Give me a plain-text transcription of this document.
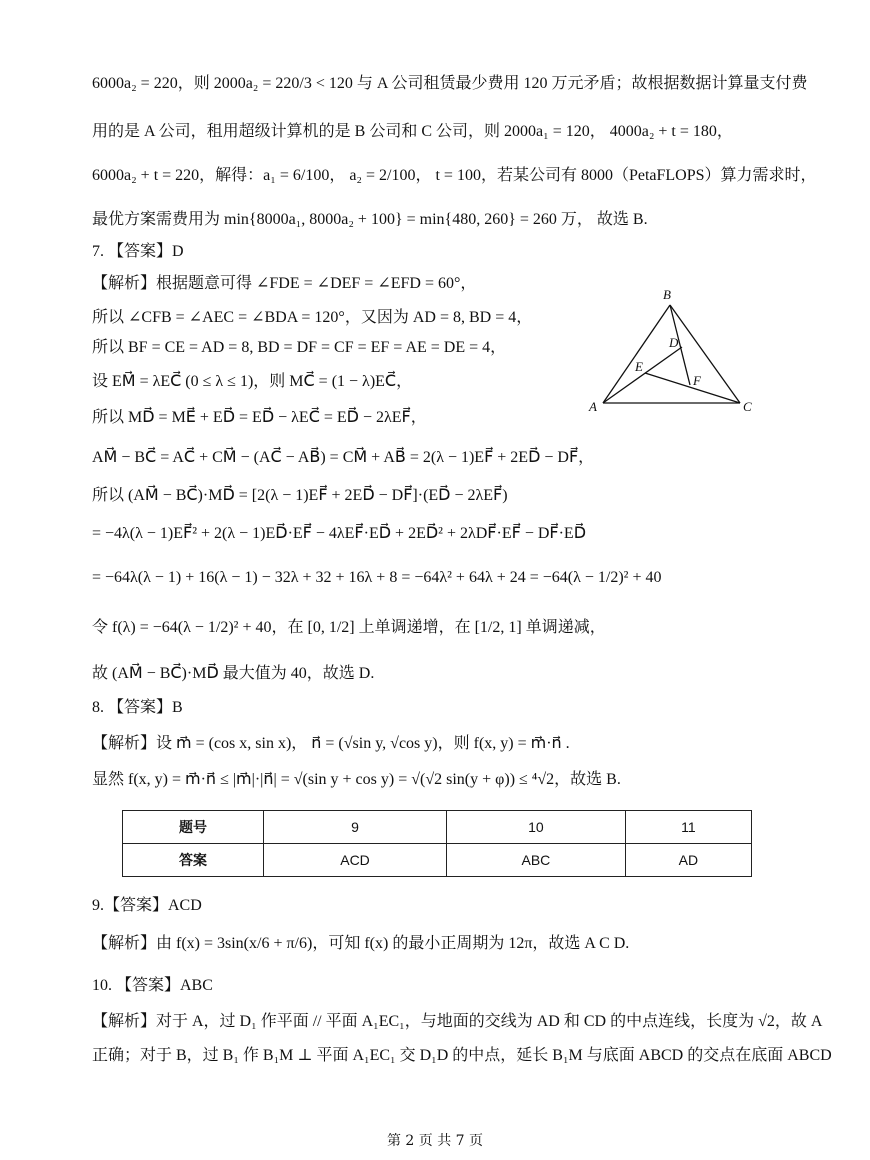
6000a₂ = 220，则 2000a₂ = 220/3 < 120 与 A 公司租赁最少费用 120 万元矛盾；故根据数据计算量支付费
用的是 A 公司，租用超级计算机的是 B 公司和 C 公司，则 2000a₁ = 120， 4000a₂ + t = 180，
6000a₂ + t = 220，解得：a₁ = 6/100， a₂ = 2/100， t = 100，若某公司有 8000（PetaFLOPS）算力需求时，
最优方案需费用为 min{8000a₁, 8000a₂ + 100} = min{480, 260} = 260 万， 故选 B.
7. 【答案】D
【解析】根据题意可得 ∠FDE = ∠DEF = ∠EFD = 60°，
所以 ∠CFB = ∠AEC = ∠BDA = 120°，又因为 AD = 8, BD = 4，
所以 BF = CE = AD = 8, BD = DF = CF = EF = AE = DE = 4，
设 EM⃗ = λEC⃗ (0 ≤ λ ≤ 1)，则 MC⃗ = (1 − λ)EC⃗，
所以 MD⃗ = ME⃗ + ED⃗ = ED⃗ − λEC⃗ = ED⃗ − 2λEF⃗，
AM⃗ − BC⃗ = AC⃗ + CM⃗ − (AC⃗ − AB⃗) = CM⃗ + AB⃗ = 2(λ − 1)EF⃗ + 2ED⃗ − DF⃗，
所以 (AM⃗ − BC⃗)·MD⃗ = [2(λ − 1)EF⃗ + 2ED⃗ − DF⃗]·(ED⃗ − 2λEF⃗)
= −4λ(λ − 1)EF⃗² + 2(λ − 1)ED⃗·EF⃗ − 4λEF⃗·ED⃗ + 2ED⃗² + 2λDF⃗·EF⃗ − DF⃗·ED⃗
= −64λ(λ − 1) + 16(λ − 1) − 32λ + 32 + 16λ + 8 = −64λ² + 64λ + 24 = −64(λ − 1/2)² + 40
令 f(λ) = −64(λ − 1/2)² + 40，在 [0, 1/2] 上单调递增，在 [1/2, 1] 单调递减，
故 (AM⃗ − BC⃗)·MD⃗ 最大值为 40，故选 D.
8. 【答案】B
【解析】设 m⃗ = (cos x, sin x)， n⃗ = (√sin y, √cos y)，则 f(x, y) = m⃗·n⃗ .
显然 f(x, y) = m⃗·n⃗ ≤ |m⃗|·|n⃗| = √(sin y + cos y) = √(√2 sin(y + φ)) ≤ ⁴√2，故选 B.
题号	9	10	11
答案	ACD	ABC	AD
9.【答案】ACD
【解析】由 f(x) = 3sin(x/6 + π/6)，可知 f(x) 的最小正周期为 12π，故选 A C D.
10. 【答案】ABC
【解析】对于 A，过 D₁ 作平面 // 平面 A₁EC₁，与地面的交线为 AD 和 CD 的中点连线，长度为 √2，故 A
正确；对于 B，过 B₁ 作 B₁M ⊥ 平面 A₁EC₁ 交 D₁D 的中点，延长 B₁M 与底面 ABCD 的交点在底面 ABCD
B
D
E
F
A	C
第 2 页 共 7 页
